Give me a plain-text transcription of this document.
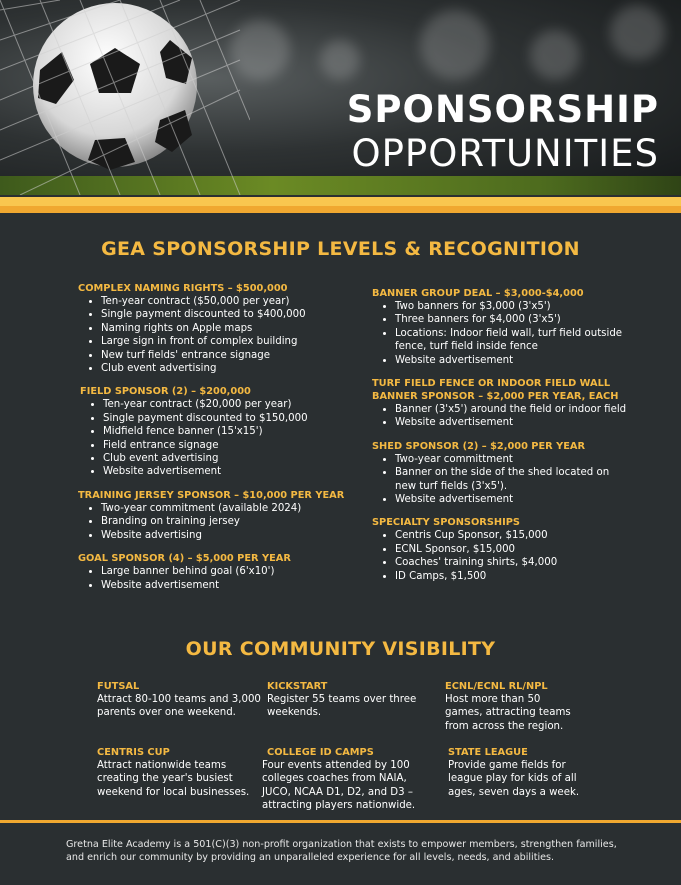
SPONSORSHIP
OPPORTUNITIES
GEA SPONSORSHIP LEVELS & RECOGNITION
COMPLEX NAMING RIGHTS – $500,000
• Ten-year contract ($50,000 per year)
• Single payment discounted to $400,000
• Naming rights on Apple maps
• Large sign in front of complex building
• New turf fields' entrance signage
• Club event advertising
FIELD SPONSOR (2) – $200,000
• Ten-year contract ($20,000 per year)
• Single payment discounted to $150,000
• Midfield fence banner (15'x15')
• Field entrance signage
• Club event advertising
• Website advertisement
TRAINING JERSEY SPONSOR – $10,000 PER YEAR
• Two-year commitment (available 2024)
• Branding on training jersey
• Website advertising
GOAL SPONSOR (4) – $5,000 PER YEAR
• Large banner behind goal (6'x10')
• Website advertisement
BANNER GROUP DEAL – $3,000-$4,000
• Two banners for $3,000 (3'x5')
• Three banners for $4,000 (3'x5')
• Locations: Indoor field wall, turf field outside fence, turf field inside fence
• Website advertisement
TURF FIELD FENCE OR INDOOR FIELD WALL BANNER SPONSOR – $2,000 PER YEAR, EACH
• Banner (3'x5') around the field or indoor field
• Website advertisement
SHED SPONSOR (2) – $2,000 PER YEAR
• Two-year committment
• Banner on the side of the shed located on new turf fields (3'x5').
• Website advertisement
SPECIALTY SPONSORSHIPS
• Centris Cup Sponsor, $15,000
• ECNL Sponsor, $15,000
• Coaches' training shirts, $4,000
• ID Camps, $1,500
OUR COMMUNITY VISIBILITY
FUTSAL
Attract 80-100 teams and 3,000 parents over one weekend.
KICKSTART
Register 55 teams over three weekends.
ECNL/ECNL RL/NPL
Host more than 50 games, attracting teams from across the region.
CENTRIS CUP
Attract nationwide teams creating the year's busiest weekend for local businesses.
COLLEGE ID CAMPS
Four events attended by 100 colleges coaches from NAIA, JUCO, NCAA D1, D2, and D3 – attracting players nationwide.
STATE LEAGUE
Provide game fields for league play for kids of all ages, seven days a week.
Gretna Elite Academy is a 501(C)(3) non-profit organization that exists to empower members, strengthen families, and enrich our community by providing an unparalleled experience for all levels, needs, and abilities.
